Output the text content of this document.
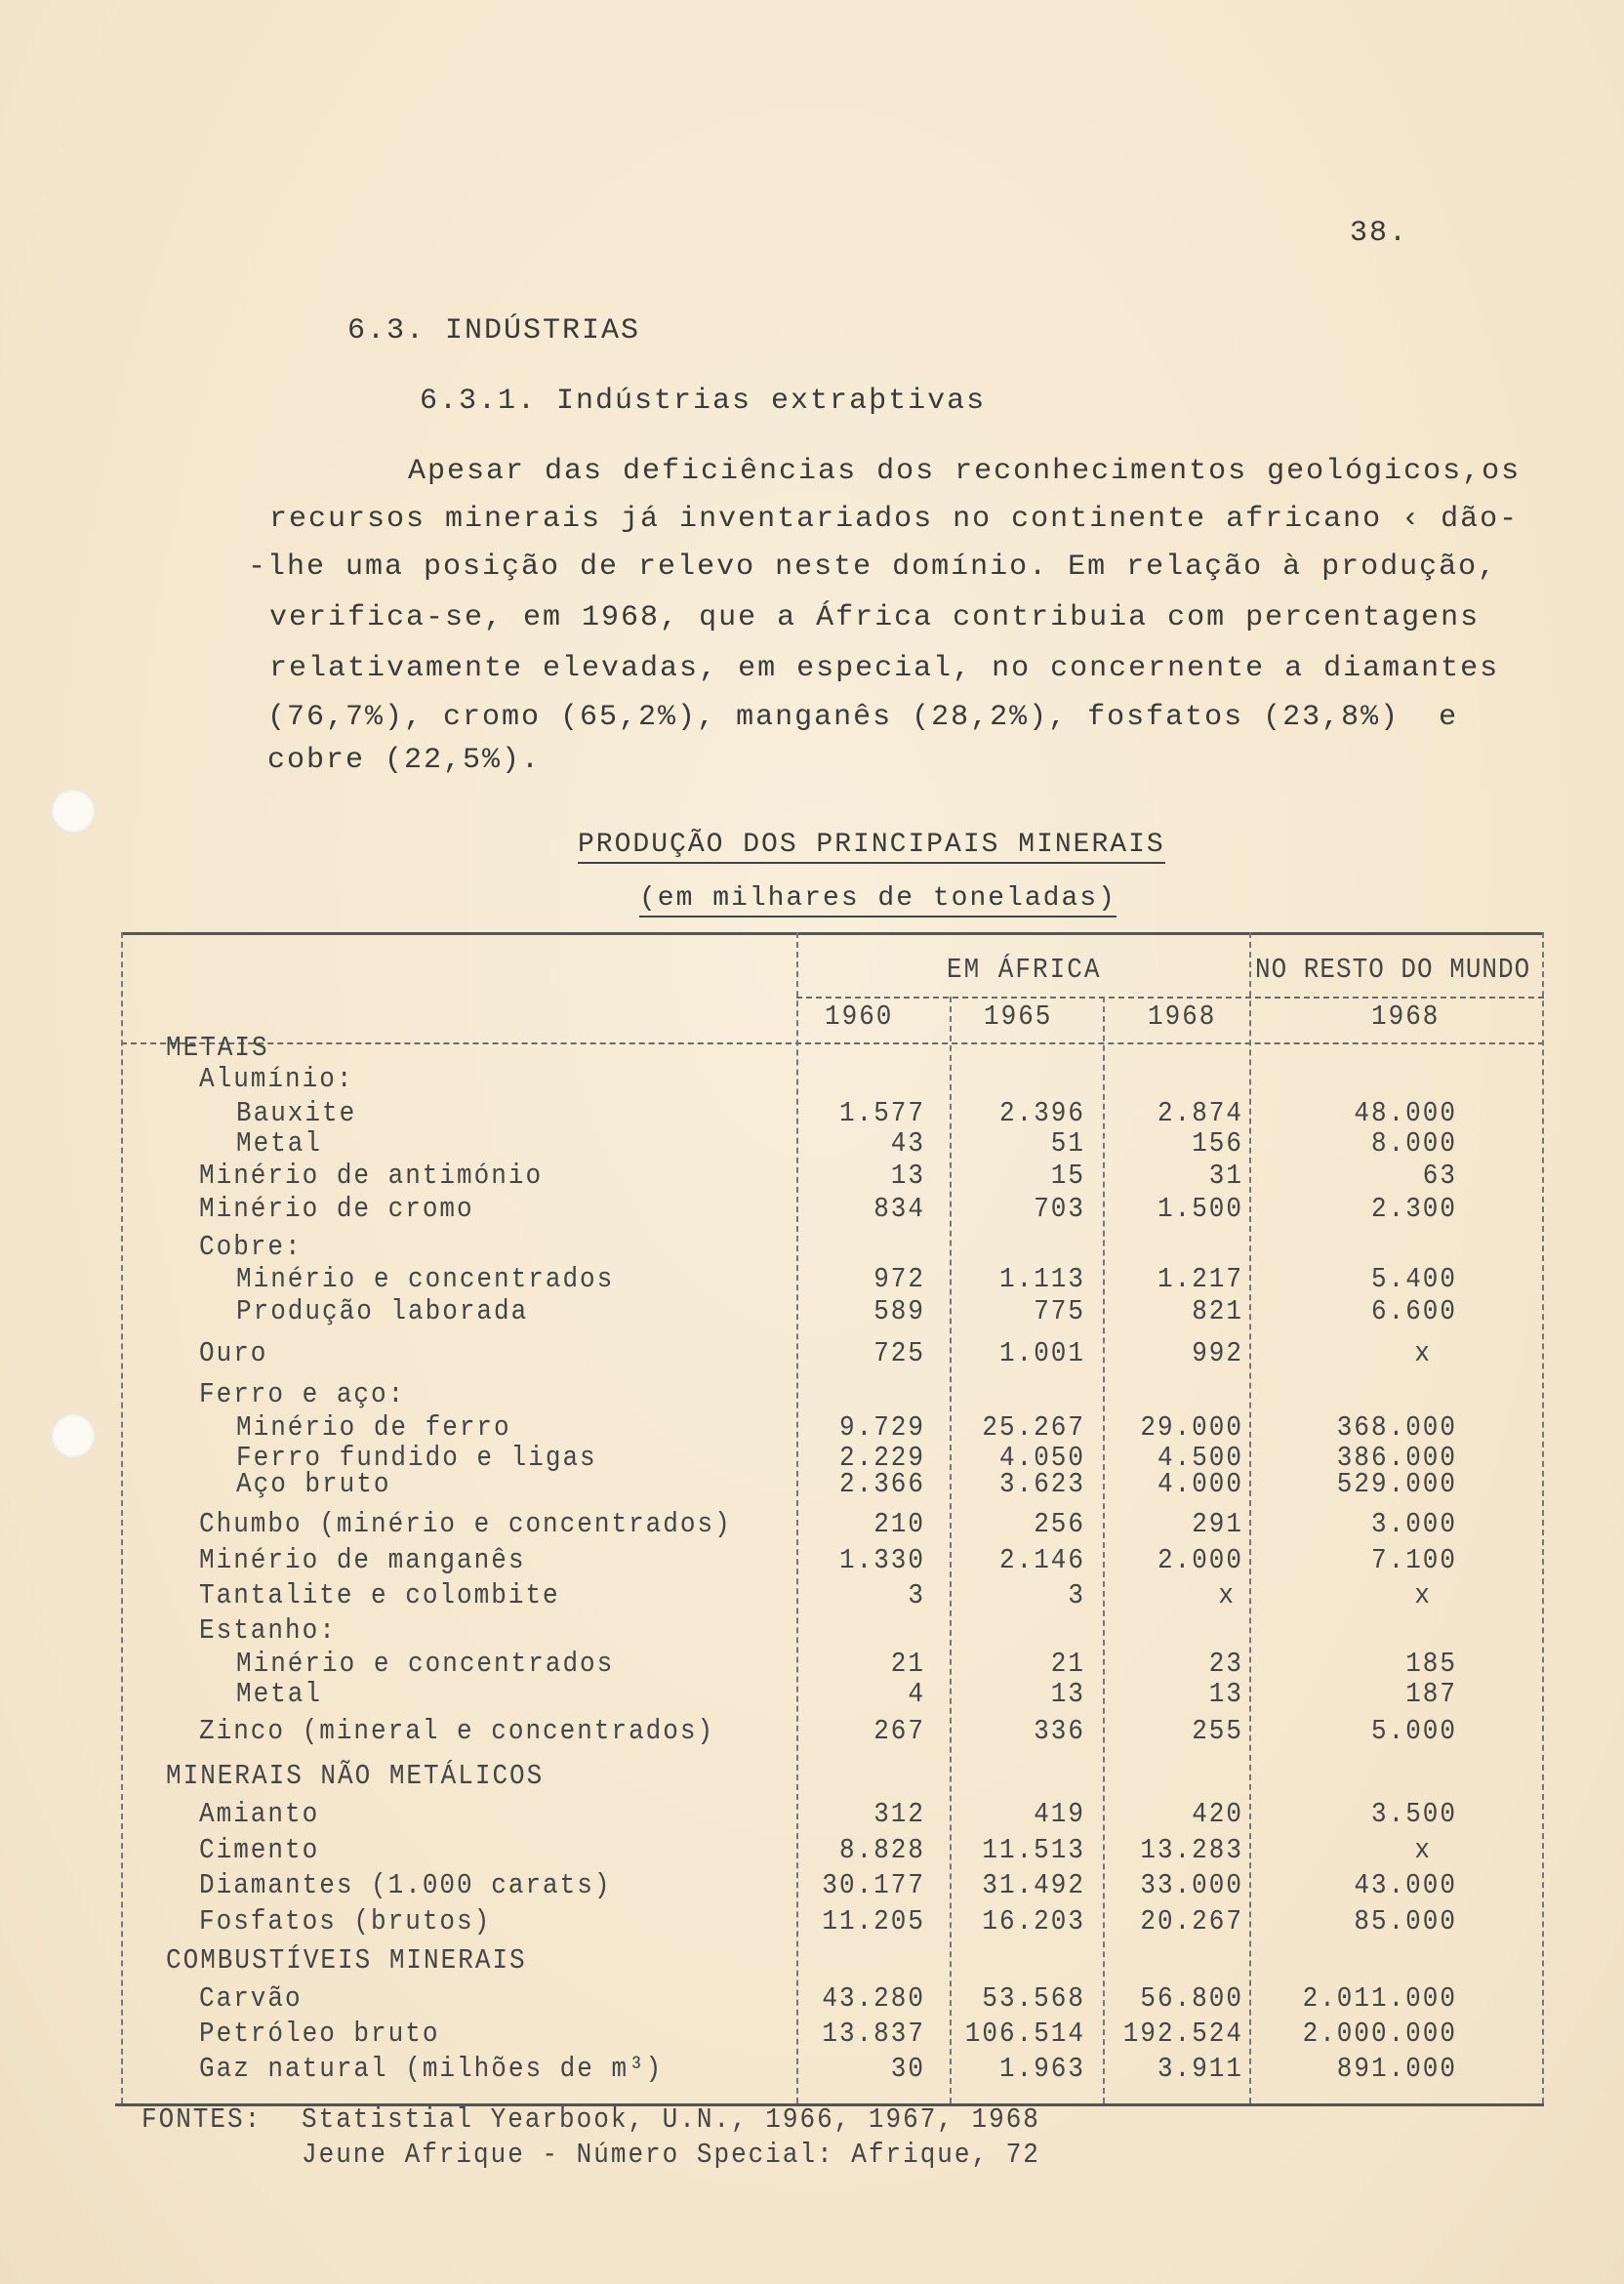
38.
6.3. INDÚSTRIAS
6.3.1. Indústrias extraþtivas
Apesar das deficiências dos reconhecimentos geológicos,os
recursos minerais já inventariados no continente africano ‹ dão-
-lhe uma posição de relevo neste domínio. Em relação à produção,
verifica-se, em 1968, que a África contribuia com percentagens
relativamente elevadas, em especial, no concernente a diamantes
(76,7%), cromo (65,2%), manganês (28,2%), fosfatos (23,8%)  e
cobre (22,5%).
PRODUÇÃO DOS PRINCIPAIS MINERAIS
(em milhares de toneladas)
EM ÁFRICA	NO RESTO DO MUNDO
1960	1965	1968	1968
METAIS
Alumínio:
Bauxite	1.577	2.396	2.874	48.000
Metal	43	51	156	8.000
Minério de antimónio	13	15	31	63
Minério de cromo	834	703	1.500	2.300
Cobre:
Minério e concentrados	972	1.113	1.217	5.400
Produção laborada	589	775	821	6.600
Ouro	725	1.001	992	x
Ferro e aço:
Minério de ferro	9.729	25.267	29.000	368.000
Ferro fundido e ligas	2.229	4.050	4.500	386.000
Aço bruto	2.366	3.623	4.000	529.000
Chumbo (minério e concentrados)	210	256	291	3.000
Minério de manganês	1.330	2.146	2.000	7.100
Tantalite e colombite	3	3	x	x
Estanho:
Minério e concentrados	21	21	23	185
Metal	4	13	13	187
Zinco (mineral e concentrados)	267	336	255	5.000
MINERAIS NÃO METÁLICOS
Amianto	312	419	420	3.500
Cimento	8.828	11.513	13.283	x
Diamantes (1.000 carats)	30.177	31.492	33.000	43.000
Fosfatos (brutos)	11.205	16.203	20.267	85.000
COMBUSTÍVEIS MINERAIS
Carvão	43.280	53.568	56.800	2.011.000
Petróleo bruto	13.837	106.514	192.524	2.000.000
Gaz natural (milhões de m³)	30	1.963	3.911	891.000
FONTES: Statistial Yearbook, U.N., 1966, 1967, 1968
Jeune Afrique - Número Special: Afrique, 72
